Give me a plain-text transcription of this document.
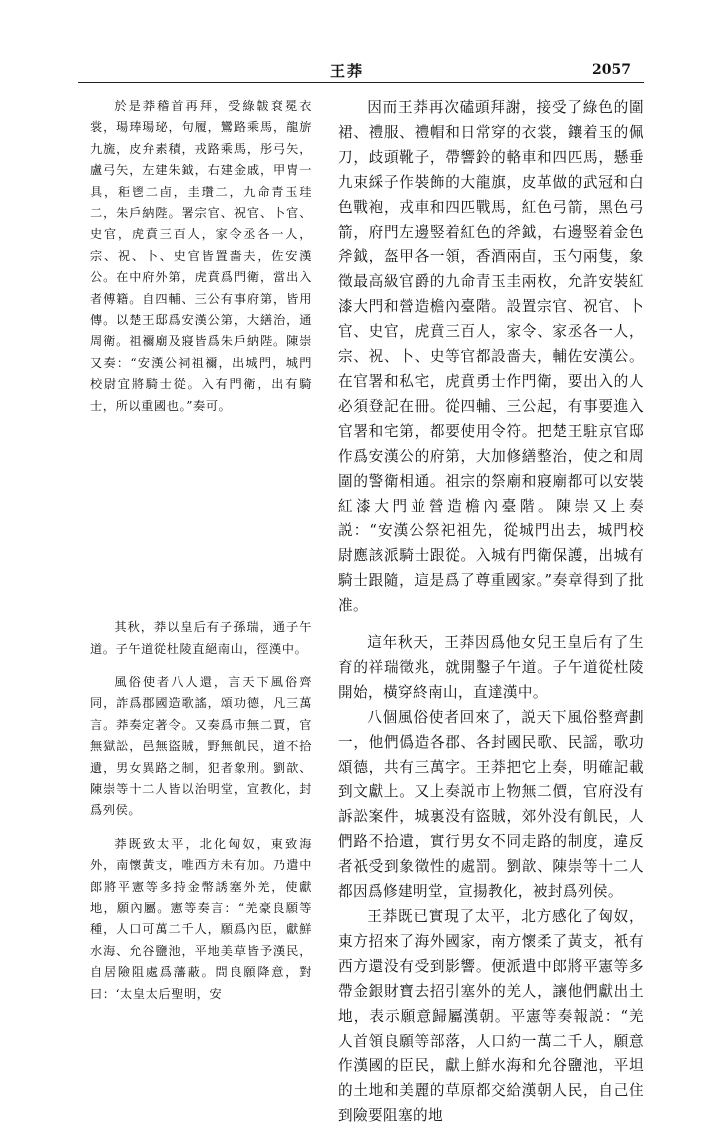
王莽	2057

於是莽稽首再拜，受綠韍袞冕衣裳，瑒琫瑒珌，句履，鸞路乘馬，龍旂九旒，皮弁素積，戎路乘馬，彤弓矢，盧弓矢，左建朱鉞，右建金戚，甲冑一具，秬鬯二卣，圭瓚二，九命青玉珪二，朱戶納陛。署宗官、祝官、卜官、史官，虎賁三百人，家令丞各一人，宗、祝、卜、史官皆置嗇夫，佐安漢公。在中府外第，虎賁爲門衛，當出入者傅籍。自四輔、三公有事府第，皆用傳。以楚王邸爲安漢公第，大繕治，通周衛。祖禰廟及寢皆爲朱戶納陛。陳崇又奏：“安漢公祠祖禰，出城門，城門校尉宜將騎士從。入有門衛，出有騎士，所以重國也。”奏可。

其秋，莽以皇后有子孫瑞，通子午道。子午道從杜陵直絕南山，徑漢中。

風俗使者八人還，言天下風俗齊同，詐爲郡國造歌謠，頌功德，凡三萬言。莽奏定著令。又奏爲市無二賈，官無獄訟，邑無盜賊，野無飢民，道不拾遺，男女異路之制，犯者象刑。劉歆、陳崇等十二人皆以治明堂，宣教化，封爲列侯。

莽既致太平，北化匈奴，東致海外，南懷黃支，唯西方未有加。乃遣中郎將平憲等多持金幣誘塞外羌，使獻地，願內屬。憲等奏言：“羌豪良願等種，人口可萬二千人，願爲內臣，獻鮮水海、允谷鹽池，平地美草皆予漢民，自居險阻處爲藩蔽。問良願降意，對曰：‘太皇太后聖明，安

因而王莽再次磕頭拜謝，接受了綠色的圍裙、禮服、禮帽和日常穿的衣裳，鑲着玉的佩刀，歧頭靴子，帶響鈴的輅車和四匹馬，懸垂九束綵子作裝飾的大龍旗，皮革做的武冠和白色戰袍，戎車和四匹戰馬，紅色弓箭，黑色弓箭，府門左邊竪着紅色的斧鉞，右邊竪着金色斧鉞，盔甲各一領，香酒兩卣，玉勺兩隻，象徵最高級官爵的九命青玉圭兩枚，允許安裝紅漆大門和營造檐內臺階。設置宗官、祝官、卜官、史官，虎賁三百人，家令、家丞各一人，宗、祝、卜、史等官都設嗇夫，輔佐安漢公。在官署和私宅，虎賁勇士作門衛，要出入的人必須登記在冊。從四輔、三公起，有事要進入官署和宅第，都要使用令符。把楚王駐京官邸作爲安漢公的府第，大加修繕整治，使之和周圍的警衛相通。祖宗的祭廟和寢廟都可以安裝紅漆大門並營造檐內臺階。陳崇又上奏説：“安漢公祭祀祖先，從城門出去，城門校尉應該派騎士跟從。入城有門衛保護，出城有騎士跟隨，這是爲了尊重國家。”奏章得到了批准。

這年秋天，王莽因爲他女兒王皇后有了生育的祥瑞徵兆，就開鑿子午道。子午道從杜陵開始，橫穿終南山，直達漢中。

八個風俗使者回來了，説天下風俗整齊劃一，他們僞造各郡、各封國民歌、民謡，歌功頌德，共有三萬字。王莽把它上奏，明確記載到文獻上。又上奏説市上物無二價，官府没有訴訟案件，城裏没有盜賊，郊外没有飢民，人們路不拾遺，實行男女不同走路的制度，違反者祇受到象徵性的處罰。劉歆、陳崇等十二人都因爲修建明堂，宣揚教化，被封爲列侯。

王莽既已實現了太平，北方感化了匈奴，東方招來了海外國家，南方懷柔了黃支，衹有西方還没有受到影響。便派遣中郎將平憲等多帶金銀財寶去招引塞外的羌人，讓他們獻出土地，表示願意歸屬漢朝。平憲等奏報説：“羌人首領良願等部落，人口約一萬二千人，願意作漢國的臣民，獻上鮮水海和允谷鹽池，平坦的土地和美麗的草原都交給漢朝人民，自己住到險要阻塞的地
